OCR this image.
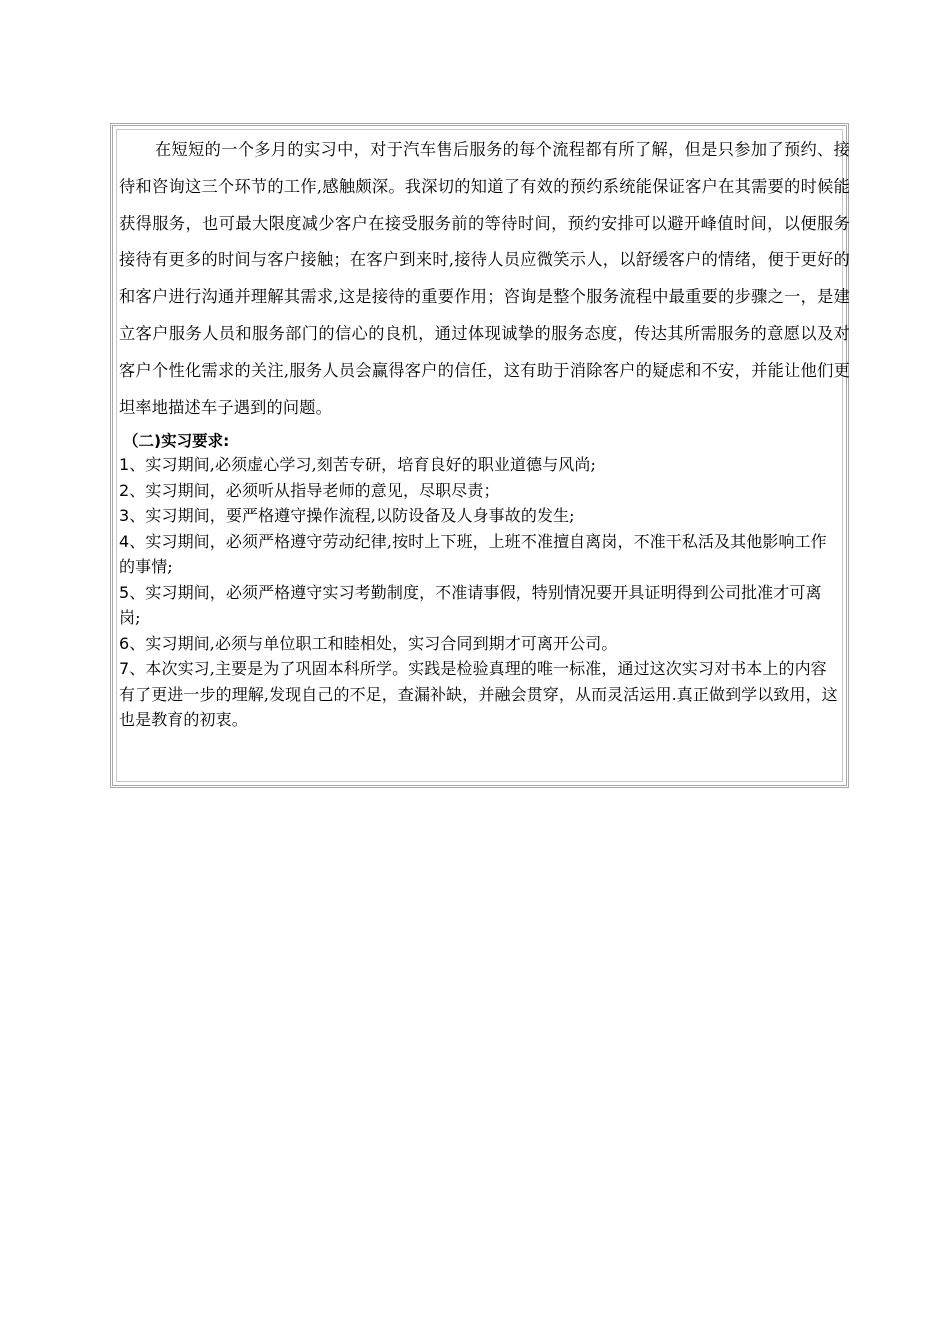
在短短的一个多月的实习中，对于汽车售后服务的每个流程都有所了解，但是只参加了预约、接待和咨询这三个环节的工作,感触颇深。我深切的知道了有效的预约系统能保证客户在其需要的时候能获得服务，也可最大限度减少客户在接受服务前的等待时间，预约安排可以避开峰值时间，以便服务接待有更多的时间与客户接触；在客户到来时,接待人员应微笑示人，以舒缓客户的情绪，便于更好的和客户进行沟通并理解其需求,这是接待的重要作用；咨询是整个服务流程中最重要的步骤之一，是建立客户服务人员和服务部门的信心的良机，通过体现诚挚的服务态度，传达其所需服务的意愿以及对客户个性化需求的关注,服务人员会赢得客户的信任，这有助于消除客户的疑虑和不安，并能让他们更坦率地描述车子遇到的问题。

（二)实习要求:
1、实习期间,必须虚心学习,刻苦专研，培育良好的职业道德与风尚;
2、实习期间，必须听从指导老师的意见，尽职尽责；
3、实习期间，要严格遵守操作流程,以防设备及人身事故的发生;
4、实习期间，必须严格遵守劳动纪律,按时上下班，上班不准擅自离岗，不准干私活及其他影响工作的事情;
5、实习期间，必须严格遵守实习考勤制度，不准请事假，特别情况要开具证明得到公司批准才可离岗;
6、实习期间,必须与单位职工和睦相处，实习合同到期才可离开公司。
7、本次实习,主要是为了巩固本科所学。实践是检验真理的唯一标准，通过这次实习对书本上的内容有了更进一步的理解,发现自己的不足，查漏补缺，并融会贯穿，从而灵活运用.真正做到学以致用，这也是教育的初衷。
